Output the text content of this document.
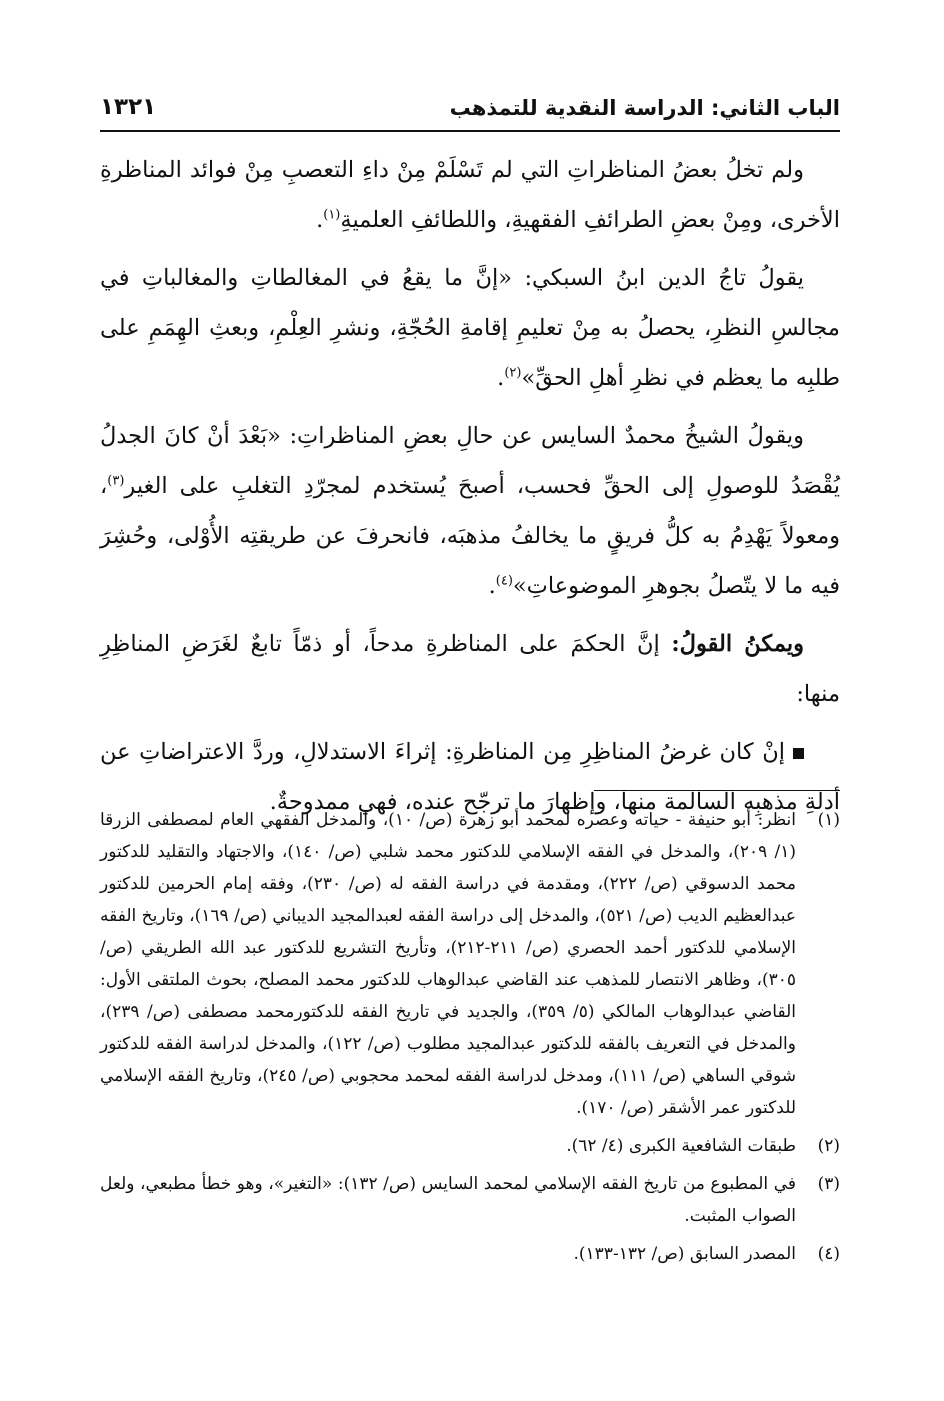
الباب الثاني: الدراسة النقدية للتمذهب
١٣٢١

ولم تخلُ بعضُ المناظراتِ التي لم تَسْلَمْ مِنْ داءِ التعصبِ مِنْ فوائد المناظرةِ الأخرى، ومِنْ بعضِ الطرائفِ الفقهيةِ، واللطائفِ العلميةِ$^{(١)}$.

يقولُ تاجُ الدين ابنُ السبكي: «إنَّ ما يقعُ في المغالطاتِ والمغالباتِ في مجالسِ النظرِ، يحصلُ به مِنْ تعليمِ إقامةِ الحُجّةِ، ونشرِ العِلْمِ، وبعثِ الهِمَمِ على طلبِه ما يعظم في نظرِ أهلِ الحقِّ»$^{(٢)}$.

ويقولُ الشيخُ محمدٌ السايس عن حالِ بعضِ المناظراتِ: «بَعْدَ أنْ كانَ الجدلُ يُقْصَدُ للوصولِ إلى الحقِّ فحسب، أصبحَ يُستخدم لمجرّدِ التغلبِ على الغير$^{(٣)}$، ومعولاً يَهْدِمُ به كلُّ فريقٍ ما يخالفُ مذهبَه، فانحرفَ عن طريقتِه الأُوْلى، وحُشِرَ فيه ما لا يتّصلُ بجوهرِ الموضوعاتِ»$^{(٤)}$.

ويمكنُ القولُ: إنَّ الحكمَ على المناظرةِ مدحاً، أو ذمّاً تابعٌ لغَرَضِ المناظِرِ منها:

إنْ كان غرضُ المناظِرِ مِن المناظرةِ: إثراءَ الاستدلالِ، وردَّ الاعتراضاتِ عن أدلةِ مذهبِه السالمة منها، وإظهارَ ما ترجّح عنده، فهي ممدوحةٌ.

(١)
انظر: أبو حنيفة - حياته وعصره لمحمد أبو زهرة (ص/ ١٠)، والمدخل الفقهي العام لمصطفى الزرقا (١/ ٢٠٩)، والمدخل في الفقه الإسلامي للدكتور محمد شلبي (ص/ ١٤٠)، والاجتهاد والتقليد للدكتور محمد الدسوقي (ص/ ٢٢٢)، ومقدمة في دراسة الفقه له (ص/ ٢٣٠)، وفقه إمام الحرمين للدكتور عبدالعظيم الديب (ص/ ٥٢١)، والمدخل إلى دراسة الفقه لعبدالمجيد الديباني (ص/ ١٦٩)، وتاريخ الفقه الإسلامي للدكتور أحمد الحصري (ص/ ٢١١-٢١٢)، وتأريخ التشريع للدكتور عبد الله الطريقي (ص/ ٣٠٥)، وظاهر الانتصار للمذهب عند القاضي عبدالوهاب للدكتور محمد المصلح، بحوث الملتقى الأول: القاضي عبدالوهاب المالكي (٥/ ٣٥٩)، والجديد في تاريخ الفقه للدكتورمحمد مصطفى (ص/ ٢٣٩)، والمدخل في التعريف بالفقه للدكتور عبدالمجيد مطلوب (ص/ ١٢٢)، والمدخل لدراسة الفقه للدكتور شوقي الساهي (ص/ ١١١)، ومدخل لدراسة الفقه لمحمد محجوبي (ص/ ٢٤٥)، وتاريخ الفقه الإسلامي للدكتور عمر الأشقر (ص/ ١٧٠).
(٢)
طبقات الشافعية الكبرى (٤/ ٦٢).
(٣)
في المطبوع من تاريخ الفقه الإسلامي لمحمد السايس (ص/ ١٣٢): «التغير»، وهو خطأ مطبعي، ولعل الصواب المثبت.
(٤)
المصدر السابق (ص/ ١٣٢-١٣٣).
